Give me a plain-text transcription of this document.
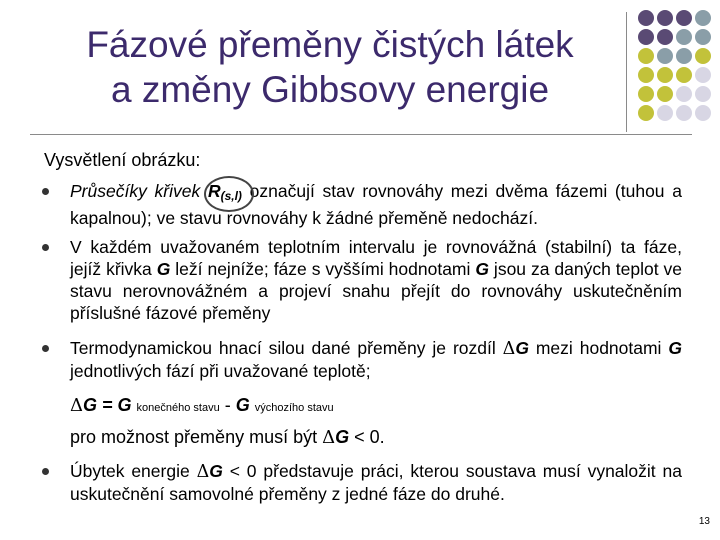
Fázové přeměny čistých látek
a změny Gibbsovy energie
Vysvětlení obrázku:
Průsečíky křivek $R_{(s,l)}$ označují stav rovnováhy mezi dvěma fázemi (tuhou a kapalnou); ve stavu rovnováhy k žádné přeměně nedochází.
V každém uvažovaném teplotním intervalu je rovnovážná (stabilní) ta fáze, jejíž křivka G leží nejníže; fáze s vyššími hodnotami G jsou za daných teplot ve stavu nerovnovážném a projeví snahu přejít do rovnováhy uskutečněním příslušné fázové přeměny
Termodynamickou hnací silou dané přeměny je rozdíl ΔG mezi hodnotami G jednotlivých fází při uvažované teplotě;
ΔG = G konečného stavu - G výchozího stavu
pro možnost přeměny musí být ΔG < 0.
Úbytek energie ΔG < 0 představuje práci, kterou soustava musí vynaložit na uskutečnění samovolné přeměny z jedné fáze do druhé.
13
